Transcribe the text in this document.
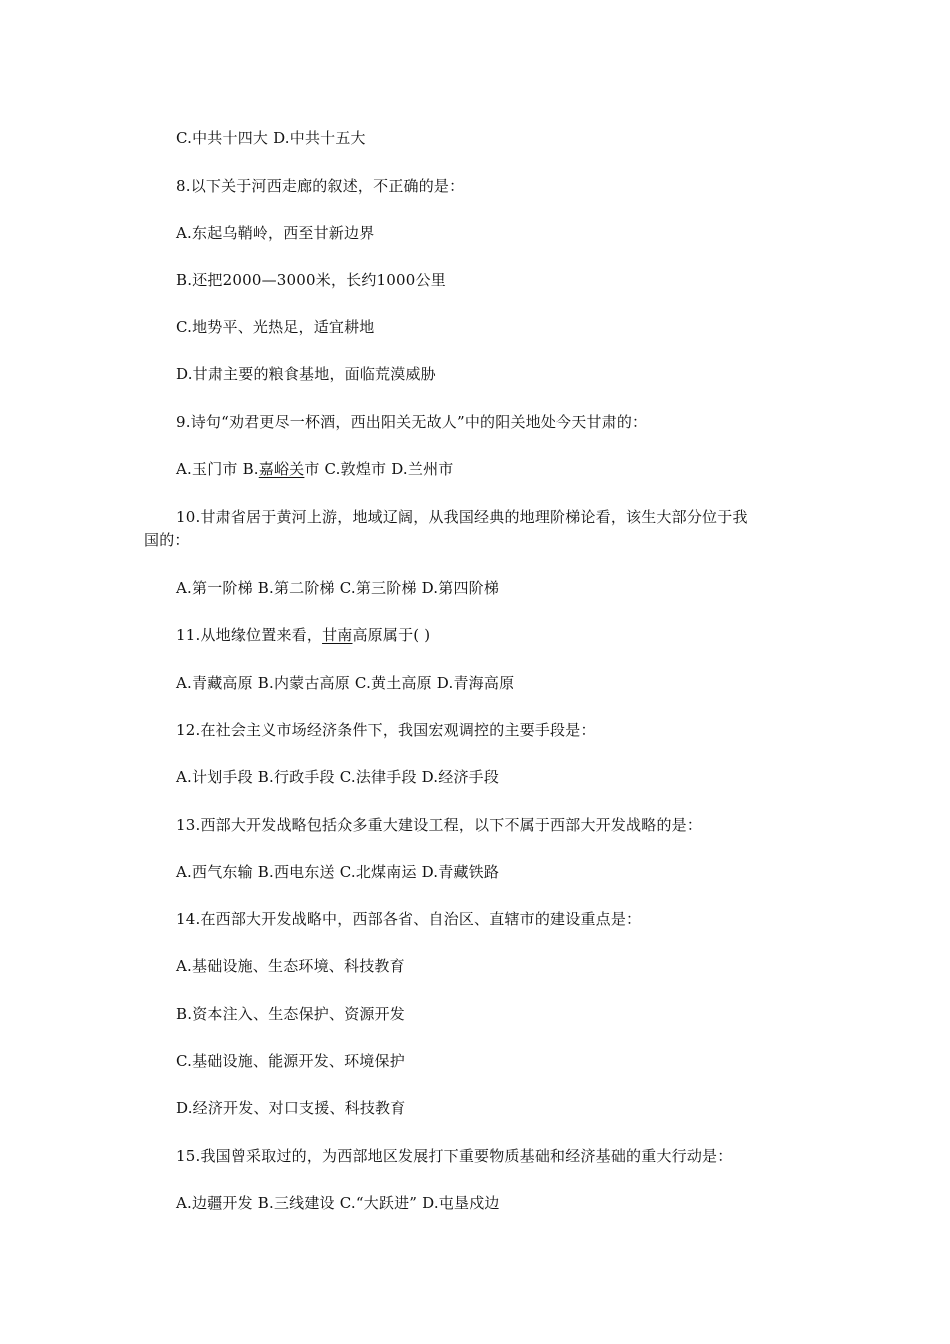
C.中共十四大 D.中共十五大
8.以下关于河西走廊的叙述，不正确的是：
A.东起乌鞘岭，西至甘新边界
B.还把2000—3000米，长约1000公里
C.地势平、光热足，适宜耕地
D.甘肃主要的粮食基地，面临荒漠威胁
9.诗句“劝君更尽一杯酒，西出阳关无故人”中的阳关地处今天甘肃的：
A.玉门市 B.嘉峪关市 C.敦煌市 D.兰州市
10.甘肃省居于黄河上游，地域辽阔，从我国经典的地理阶梯论看，该生大部分位于我
国的：
A.第一阶梯 B.第二阶梯 C.第三阶梯 D.第四阶梯
11.从地缘位置来看，甘南高原属于( )
A.青藏高原 B.内蒙古高原 C.黄土高原 D.青海高原
12.在社会主义市场经济条件下，我国宏观调控的主要手段是：
A.计划手段 B.行政手段 C.法律手段 D.经济手段
13.西部大开发战略包括众多重大建设工程，以下不属于西部大开发战略的是：
A.西气东输 B.西电东送 C.北煤南运 D.青藏铁路
14.在西部大开发战略中，西部各省、自治区、直辖市的建设重点是：
A.基础设施、生态环境、科技教育
B.资本注入、生态保护、资源开发
C.基础设施、能源开发、环境保护
D.经济开发、对口支援、科技教育
15.我国曾采取过的，为西部地区发展打下重要物质基础和经济基础的重大行动是：
A.边疆开发 B.三线建设 C.“大跃进” D.屯垦戍边
